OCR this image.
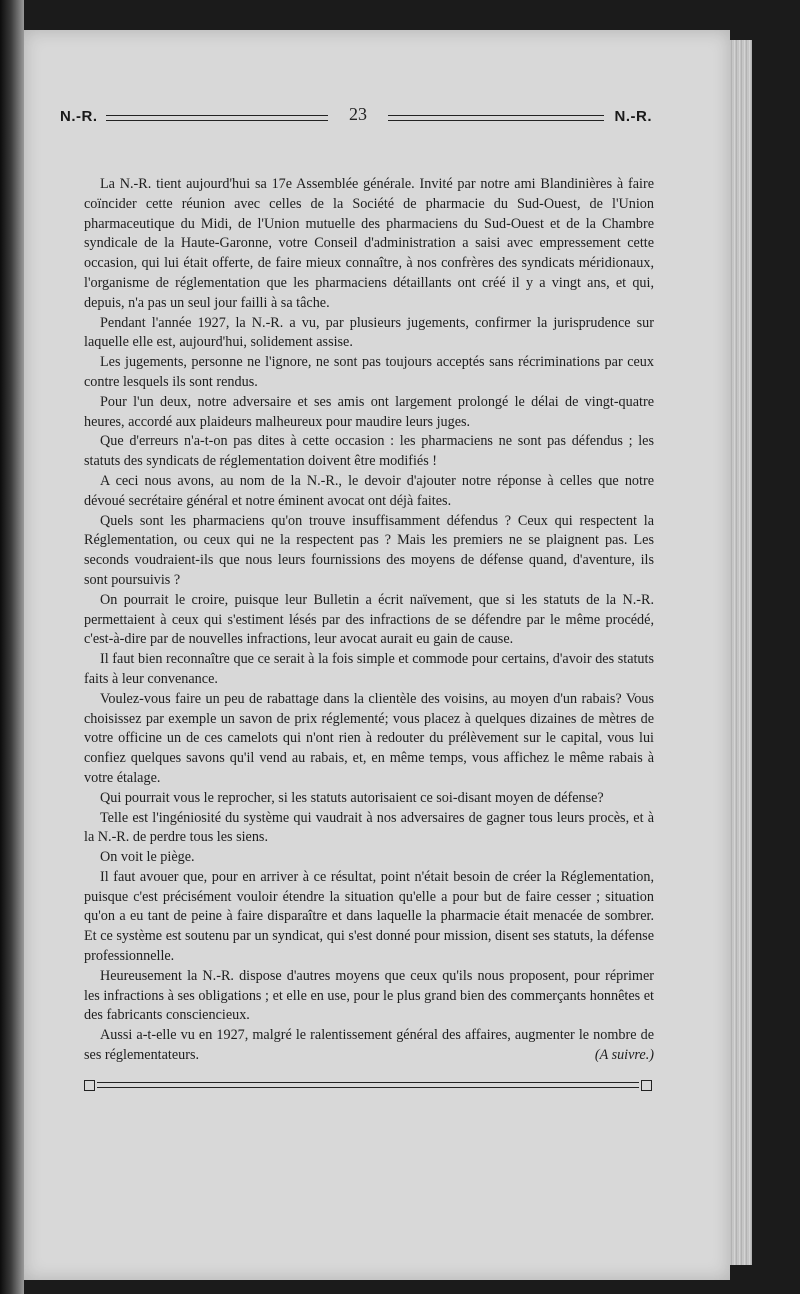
N.-R.	23	N.-R.

La N.-R. tient aujourd'hui sa 17e Assemblée générale. Invité par notre ami Blandinières à faire coïncider cette réunion avec celles de la Société de pharmacie du Sud-Ouest, de l'Union pharmaceutique du Midi, de l'Union mutuelle des pharmaciens du Sud-Ouest et de la Chambre syndicale de la Haute-Garonne, votre Conseil d'administration a saisi avec empressement cette occasion, qui lui était offerte, de faire mieux connaître, à nos confrères des syndicats méridionaux, l'organisme de réglementation que les pharmaciens détaillants ont créé il y a vingt ans, et qui, depuis, n'a pas un seul jour failli à sa tâche.

Pendant l'année 1927, la N.-R. a vu, par plusieurs jugements, confirmer la jurisprudence sur laquelle elle est, aujourd'hui, solidement assise.

Les jugements, personne ne l'ignore, ne sont pas toujours acceptés sans récriminations par ceux contre lesquels ils sont rendus.

Pour l'un deux, notre adversaire et ses amis ont largement prolongé le délai de vingt-quatre heures, accordé aux plaideurs malheureux pour maudire leurs juges.

Que d'erreurs n'a-t-on pas dites à cette occasion : les pharmaciens ne sont pas défendus ; les statuts des syndicats de réglementation doivent être modifiés !

A ceci nous avons, au nom de la N.-R., le devoir d'ajouter notre réponse à celles que notre dévoué secrétaire général et notre éminent avocat ont déjà faites.

Quels sont les pharmaciens qu'on trouve insuffisamment défendus ? Ceux qui respectent la Réglementation, ou ceux qui ne la respectent pas ? Mais les premiers ne se plaignent pas. Les seconds voudraient-ils que nous leurs fournissions des moyens de défense quand, d'aventure, ils sont poursuivis ?

On pourrait le croire, puisque leur Bulletin a écrit naïvement, que si les statuts de la N.-R. permettaient à ceux qui s'estiment lésés par des infractions de se défendre par le même procédé, c'est-à-dire par de nouvelles infractions, leur avocat aurait eu gain de cause.

Il faut bien reconnaître que ce serait à la fois simple et commode pour certains, d'avoir des statuts faits à leur convenance.

Voulez-vous faire un peu de rabattage dans la clientèle des voisins, au moyen d'un rabais? Vous choisissez par exemple un savon de prix réglementé; vous placez à quelques dizaines de mètres de votre officine un de ces camelots qui n'ont rien à redouter du prélèvement sur le capital, vous lui confiez quelques savons qu'il vend au rabais, et, en même temps, vous affichez le même rabais à votre étalage.

Qui pourrait vous le reprocher, si les statuts autorisaient ce soi-disant moyen de défense?

Telle est l'ingéniosité du système qui vaudrait à nos adversaires de gagner tous leurs procès, et à la N.-R. de perdre tous les siens.

On voit le piège.

Il faut avouer que, pour en arriver à ce résultat, point n'était besoin de créer la Réglementation, puisque c'est précisément vouloir étendre la situation qu'elle a pour but de faire cesser ; situation qu'on a eu tant de peine à faire disparaître et dans laquelle la pharmacie était menacée de sombrer. Et ce système est soutenu par un syndicat, qui s'est donné pour mission, disent ses statuts, la défense professionnelle.

Heureusement la N.-R. dispose d'autres moyens que ceux qu'ils nous proposent, pour réprimer les infractions à ses obligations ; et elle en use, pour le plus grand bien des commerçants honnêtes et des fabricants consciencieux.

Aussi a-t-elle vu en 1927, malgré le ralentissement général des affaires, augmenter le nombre de ses réglementateurs.	(A suivre.)
